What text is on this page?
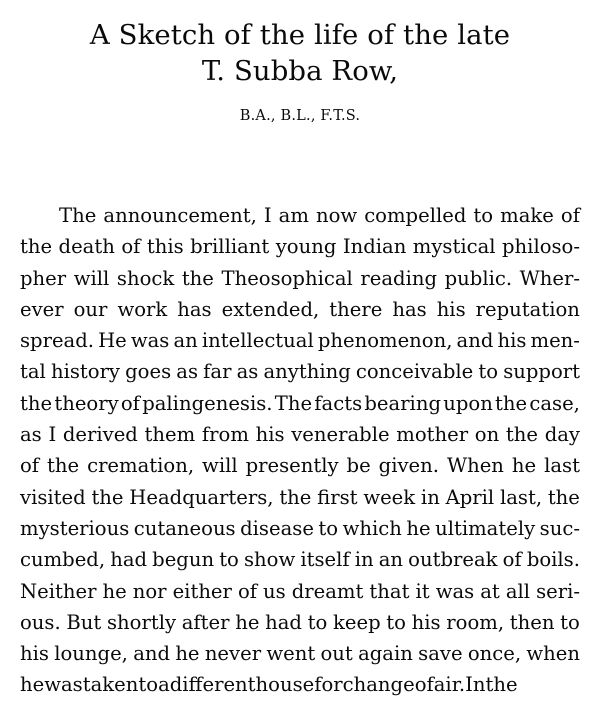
A Sketch of the life of the late
T. Subba Row,
B.A., B.L., F.T.S.
The announcement, I am now compelled to make of
the death of this brilliant young Indian mystical philoso-
pher will shock the Theosophical reading public. Wher-
ever our work has extended, there has his reputation
spread. He was an intellectual phenomenon, and his men-
tal history goes as far as anything conceivable to support
the theory of palingenesis. The facts bearing upon the case,
as I derived them from his venerable mother on the day
of the cremation, will presently be given. When he last
visited the Headquarters, the first week in April last, the
mysterious cutaneous disease to which he ultimately suc-
cumbed, had begun to show itself in an outbreak of boils.
Neither he nor either of us dreamt that it was at all seri-
ous. But shortly after he had to keep to his room, then to
his lounge, and he never went out again save once, when
he was taken to a different house for change of air. In the
